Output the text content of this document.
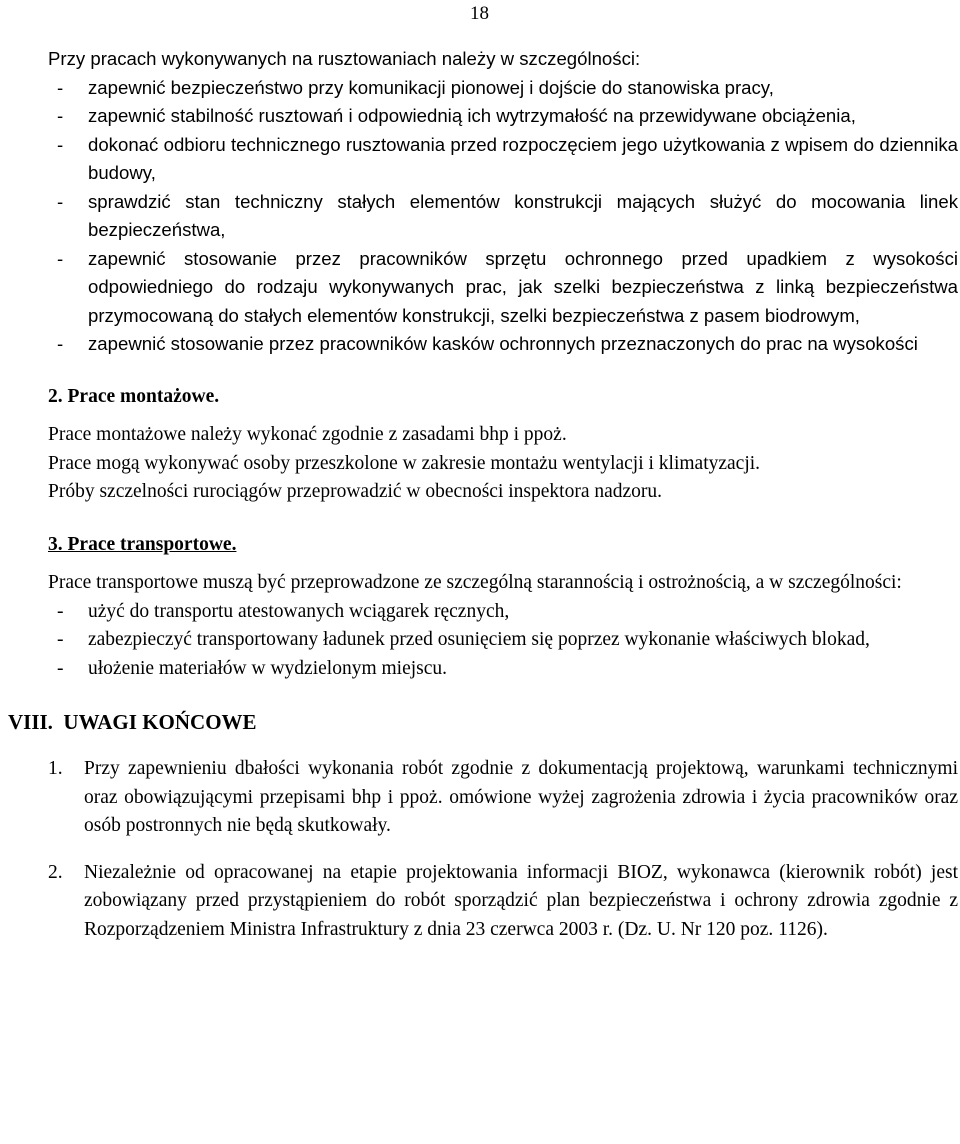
18

Przy pracach wykonywanych na rusztowaniach należy w szczególności:

- zapewnić bezpieczeństwo przy komunikacji pionowej i dojście do stanowiska pracy,
- zapewnić stabilność rusztowań i odpowiednią ich wytrzymałość na przewidywane obciążenia,
- dokonać odbioru technicznego rusztowania przed rozpoczęciem jego użytkowania z wpisem do dziennika budowy,
- sprawdzić stan techniczny stałych elementów konstrukcji mających służyć do mocowania linek bezpieczeństwa,
- zapewnić stosowanie przez pracowników sprzętu ochronnego przed upadkiem z wysokości odpowiedniego do rodzaju wykonywanych prac, jak szelki bezpieczeństwa z linką bezpieczeństwa przymocowaną do stałych elementów konstrukcji, szelki bezpieczeństwa z pasem biodrowym,
- zapewnić stosowanie przez pracowników kasków ochronnych przeznaczonych do prac na wysokości
2. Prace montażowe.

Prace montażowe należy wykonać zgodnie z zasadami bhp i ppoż.

Prace mogą wykonywać osoby przeszkolone w zakresie montażu wentylacji i klimatyzacji.

Próby szczelności rurociągów przeprowadzić w obecności inspektora nadzoru.

3. Prace transportowe.

Prace transportowe muszą być przeprowadzone ze szczególną starannością i ostrożnością, a w szczególności:

- użyć do transportu atestowanych wciągarek ręcznych,
- zabezpieczyć transportowany ładunek przed osunięciem się poprzez wykonanie właściwych blokad,
- ułożenie materiałów w wydzielonym miejscu.
VIII.  UWAGI KOŃCOWE
1. Przy zapewnieniu dbałości wykonania robót zgodnie z dokumentacją projektową, warunkami technicznymi oraz obowiązującymi przepisami bhp i ppoż. omówione wyżej zagrożenia zdrowia i życia pracowników oraz osób postronnych nie będą skutkowały.
2. Niezależnie od opracowanej na etapie projektowania informacji BIOZ, wykonawca (kierownik robót) jest zobowiązany przed przystąpieniem do robót sporządzić plan bezpieczeństwa i ochrony zdrowia zgodnie z Rozporządzeniem Ministra Infrastruktury z dnia 23 czerwca 2003 r. (Dz. U. Nr 120 poz. 1126).
